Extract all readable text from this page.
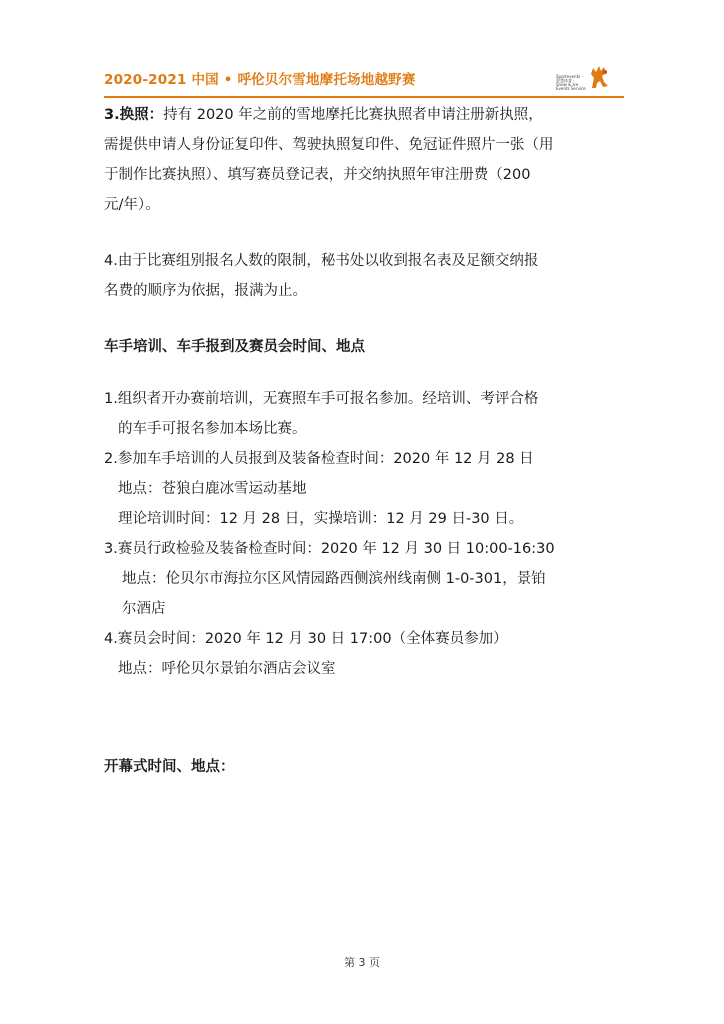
2020-2021 中国 • 呼伦贝尔雪地摩托场地越野赛	Sportevents · 智慧体育 · Snow & Ice Events Service
3.换照：持有 2020 年之前的雪地摩托比赛执照者申请注册新执照，
需提供申请人身份证复印件、驾驶执照复印件、免冠证件照片一张（用
于制作比赛执照）、填写赛员登记表，并交纳执照年审注册费（200
元/年）。
4.由于比赛组别报名人数的限制，秘书处以收到报名表及足额交纳报
名费的顺序为依据，报满为止。
车手培训、车手报到及赛员会时间、地点
1.组织者开办赛前培训，无赛照车手可报名参加。经培训、考评合格
的车手可报名参加本场比赛。
2.参加车手培训的人员报到及装备检查时间：2020 年 12 月 28 日
地点：苍狼白鹿冰雪运动基地
理论培训时间：12 月 28 日，实操培训：12 月 29 日-30 日。
3.赛员行政检验及装备检查时间：2020 年 12 月 30 日 10:00-16:30
地点：伦贝尔市海拉尔区风情园路西侧滨州线南侧 1-0-301，景铂
尔酒店
4.赛员会时间：2020 年 12 月 30 日 17:00（全体赛员参加）
地点：呼伦贝尔景铂尔酒店会议室
开幕式时间、地点：
第 3 页
